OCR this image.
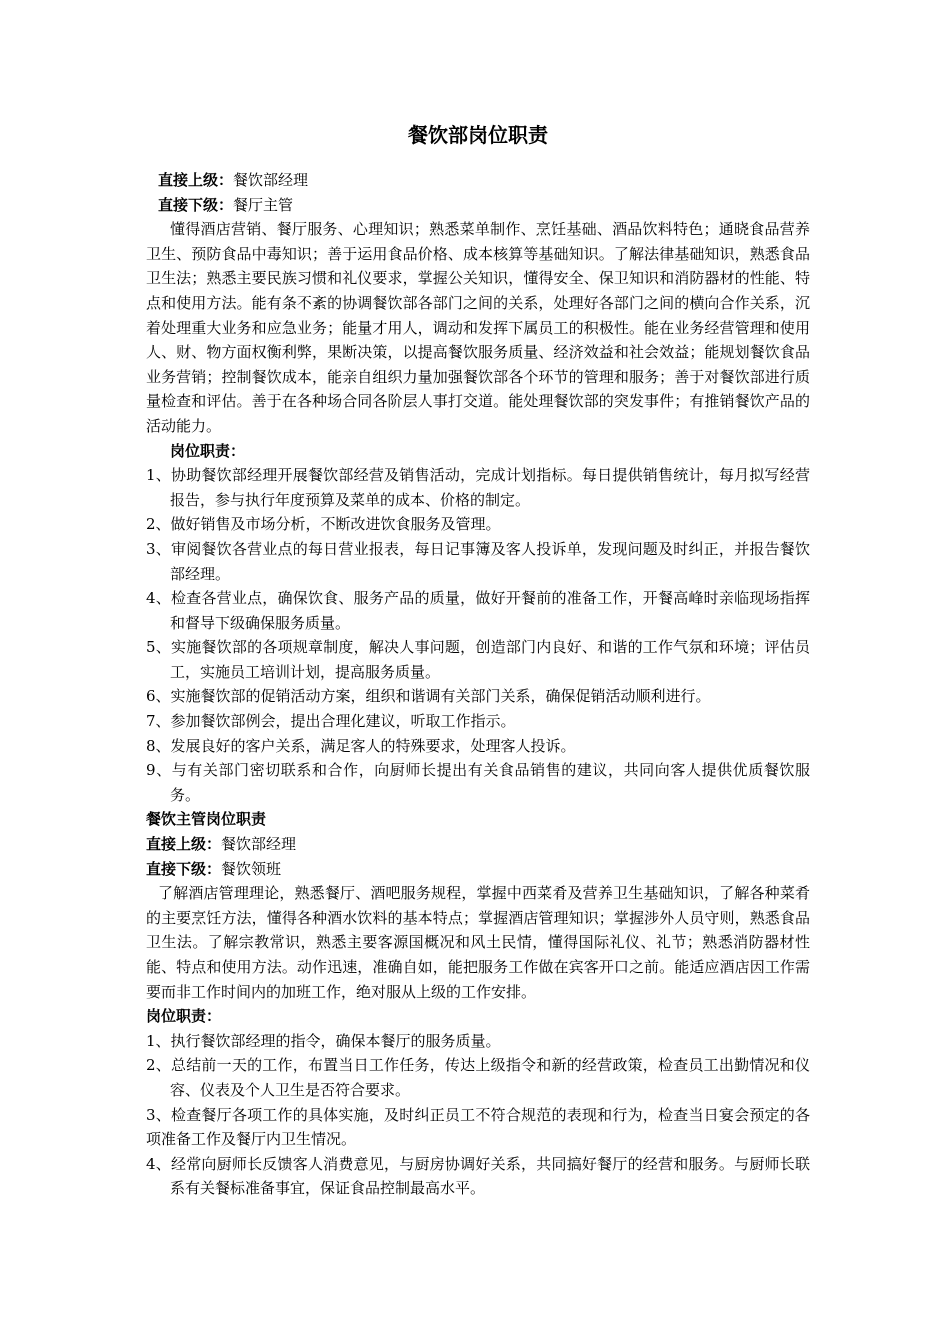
餐饮部岗位职责

直接上级：餐饮部经理

直接下级：餐厅主管

懂得酒店营销、餐厅服务、心理知识；熟悉菜单制作、烹饪基础、酒品饮料特色；通晓食品营养卫生、预防食品中毒知识；善于运用食品价格、成本核算等基础知识。了解法律基础知识，熟悉食品卫生法；熟悉主要民族习惯和礼仪要求，掌握公关知识，懂得安全、保卫知识和消防器材的性能、特点和使用方法。能有条不紊的协调餐饮部各部门之间的关系，处理好各部门之间的横向合作关系，沉着处理重大业务和应急业务；能量才用人，调动和发挥下属员工的积极性。能在业务经营管理和使用人、财、物方面权衡利弊，果断决策，以提高餐饮服务质量、经济效益和社会效益；能规划餐饮食品业务营销；控制餐饮成本，能亲自组织力量加强餐饮部各个环节的管理和服务；善于对餐饮部进行质量检查和评估。善于在各种场合同各阶层人事打交道。能处理餐饮部的突发事件；有推销餐饮产品的活动能力。

岗位职责：

1、协助餐饮部经理开展餐饮部经营及销售活动，完成计划指标。每日提供销售统计，每月拟写经营报告，参与执行年度预算及菜单的成本、价格的制定。
2、做好销售及市场分析，不断改进饮食服务及管理。
3、审阅餐饮各营业点的每日营业报表，每日记事簿及客人投诉单，发现问题及时纠正，并报告餐饮部经理。
4、检查各营业点，确保饮食、服务产品的质量，做好开餐前的准备工作，开餐高峰时亲临现场指挥和督导下级确保服务质量。
5、实施餐饮部的各项规章制度，解决人事问题，创造部门内良好、和谐的工作气氛和环境；评估员工，实施员工培训计划，提高服务质量。
6、实施餐饮部的促销活动方案，组织和谐调有关部门关系，确保促销活动顺利进行。
7、参加餐饮部例会，提出合理化建议，听取工作指示。
8、发展良好的客户关系，满足客人的特殊要求，处理客人投诉。
9、与有关部门密切联系和合作，向厨师长提出有关食品销售的建议，共同向客人提供优质餐饮服务。

餐饮主管岗位职责

直接上级：餐饮部经理

直接下级：餐饮领班

了解酒店管理理论，熟悉餐厅、酒吧服务规程，掌握中西菜肴及营养卫生基础知识，了解各种菜肴的主要烹饪方法，懂得各种酒水饮料的基本特点；掌握酒店管理知识；掌握涉外人员守则，熟悉食品卫生法。了解宗教常识，熟悉主要客源国概况和风土民情，懂得国际礼仪、礼节；熟悉消防器材性能、特点和使用方法。动作迅速，准确自如，能把服务工作做在宾客开口之前。能适应酒店因工作需要而非工作时间内的加班工作，绝对服从上级的工作安排。

岗位职责：

1、执行餐饮部经理的指令，确保本餐厅的服务质量。
2、总结前一天的工作，布置当日工作任务，传达上级指令和新的经营政策，检查员工出勤情况和仪容、仪表及个人卫生是否符合要求。
3、检查餐厅各项工作的具体实施，及时纠正员工不符合规范的表现和行为，检查当日宴会预定的各项准备工作及餐厅内卫生情况。
4、经常向厨师长反馈客人消费意见，与厨房协调好关系，共同搞好餐厅的经营和服务。与厨师长联系有关餐标准备事宜，保证食品控制最高水平。
